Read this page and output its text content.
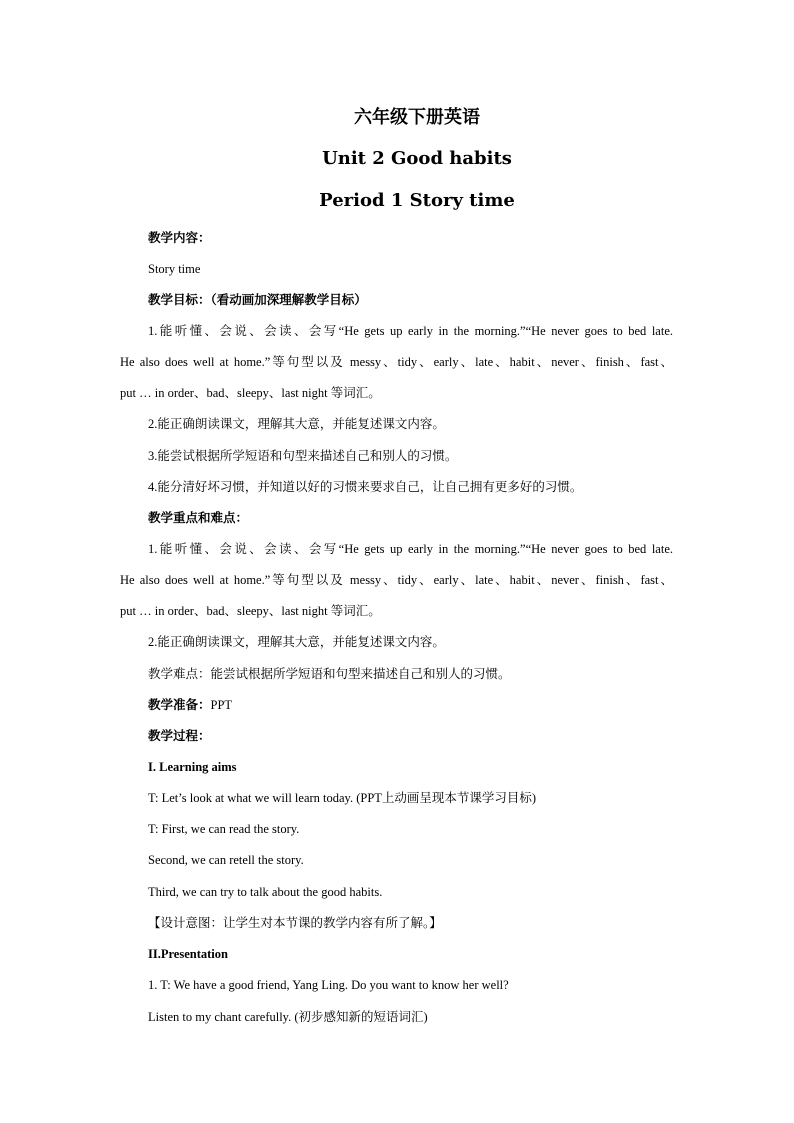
六年级下册英语
Unit 2 Good habits
Period 1 Story time
教学内容：
Story time
教学目标：（看动画加深理解教学目标）
1.能听懂、会说、会读、会写“He gets up early in the morning.”“He never goes to bed late.
He also does well at home.”等句型以及 messy、tidy、early、late、habit、never、finish、fast、
put … in order、bad、sleepy、last night 等词汇。
2.能正确朗读课文，理解其大意，并能复述课文内容。
3.能尝试根据所学短语和句型来描述自己和别人的习惯。
4.能分清好坏习惯，并知道以好的习惯来要求自己，让自己拥有更多好的习惯。
教学重点和难点：
1.能听懂、会说、会读、会写“He gets up early in the morning.”“He never goes to bed late.
He also does well at home.”等句型以及 messy、tidy、early、late、habit、never、finish、fast、
put … in order、bad、sleepy、last night 等词汇。
2.能正确朗读课文，理解其大意，并能复述课文内容。
教学难点：能尝试根据所学短语和句型来描述自己和别人的习惯。
教学准备：PPT
教学过程：
I. Learning aims
T: Let’s look at what we will learn today. (PPT上动画呈现本节课学习目标)
T: First, we can read the story.
Second, we can retell the story.
Third, we can try to talk about the good habits.
【设计意图：让学生对本节课的教学内容有所了解。】
II.Presentation
1. T: We have a good friend, Yang Ling. Do you want to know her well?
Listen to my chant carefully. (初步感知新的短语词汇)
